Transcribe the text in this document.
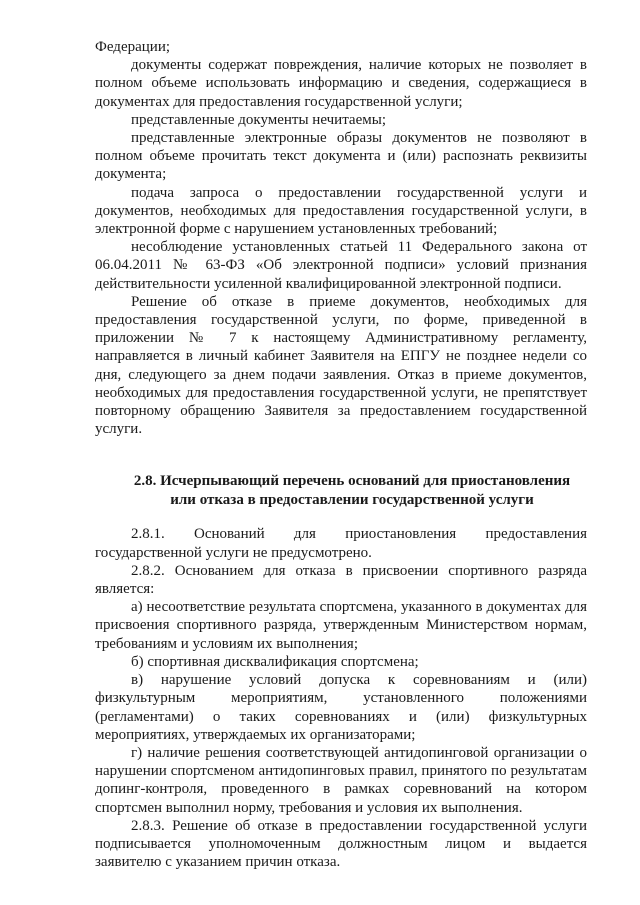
Федерации;

документы содержат повреждения, наличие которых не позволяет в полном объеме использовать информацию и сведения, содержащиеся в документах для предоставления государственной услуги;

представленные документы нечитаемы;

представленные электронные образы документов не позволяют в полном объеме прочитать текст документа и (или) распознать реквизиты документа;

подача запроса о предоставлении государственной услуги и документов, необходимых для предоставления государственной услуги, в электронной форме с нарушением установленных требований;

несоблюдение установленных статьей 11 Федерального закона от 06.04.2011 № 63-ФЗ «Об электронной подписи» условий признания действительности усиленной квалифицированной электронной подписи.

Решение об отказе в приеме документов, необходимых для предоставления государственной услуги, по форме, приведенной в приложении № 7 к настоящему Административному регламенту, направляется в личный кабинет Заявителя на ЕПГУ не позднее недели со дня, следующего за днем подачи заявления. Отказ в приеме документов, необходимых для предоставления государственной услуги, не препятствует повторному обращению Заявителя за предоставлением государственной услуги.

2.8. Исчерпывающий перечень оснований для приостановления
или отказа в предоставлении государственной услуги

2.8.1. Оснований для приостановления предоставления государственной услуги не предусмотрено.

2.8.2. Основанием для отказа в присвоении спортивного разряда является:

а) несоответствие результата спортсмена, указанного в документах для присвоения спортивного разряда, утвержденным Министерством нормам, требованиям и условиям их выполнения;

б) спортивная дисквалификация спортсмена;

в) нарушение условий допуска к соревнованиям и (или) физкультурным мероприятиям, установленного положениями (регламентами) о таких соревнованиях и (или) физкультурных мероприятиях, утверждаемых их организаторами;

г) наличие решения соответствующей антидопинговой организации о нарушении спортсменом антидопинговых правил, принятого по результатам допинг-контроля, проведенного в рамках соревнований на котором спортсмен выполнил норму, требования и условия их выполнения.

2.8.3. Решение об отказе в предоставлении государственной услуги подписывается уполномоченным должностным лицом и выдается заявителю с указанием причин отказа.
